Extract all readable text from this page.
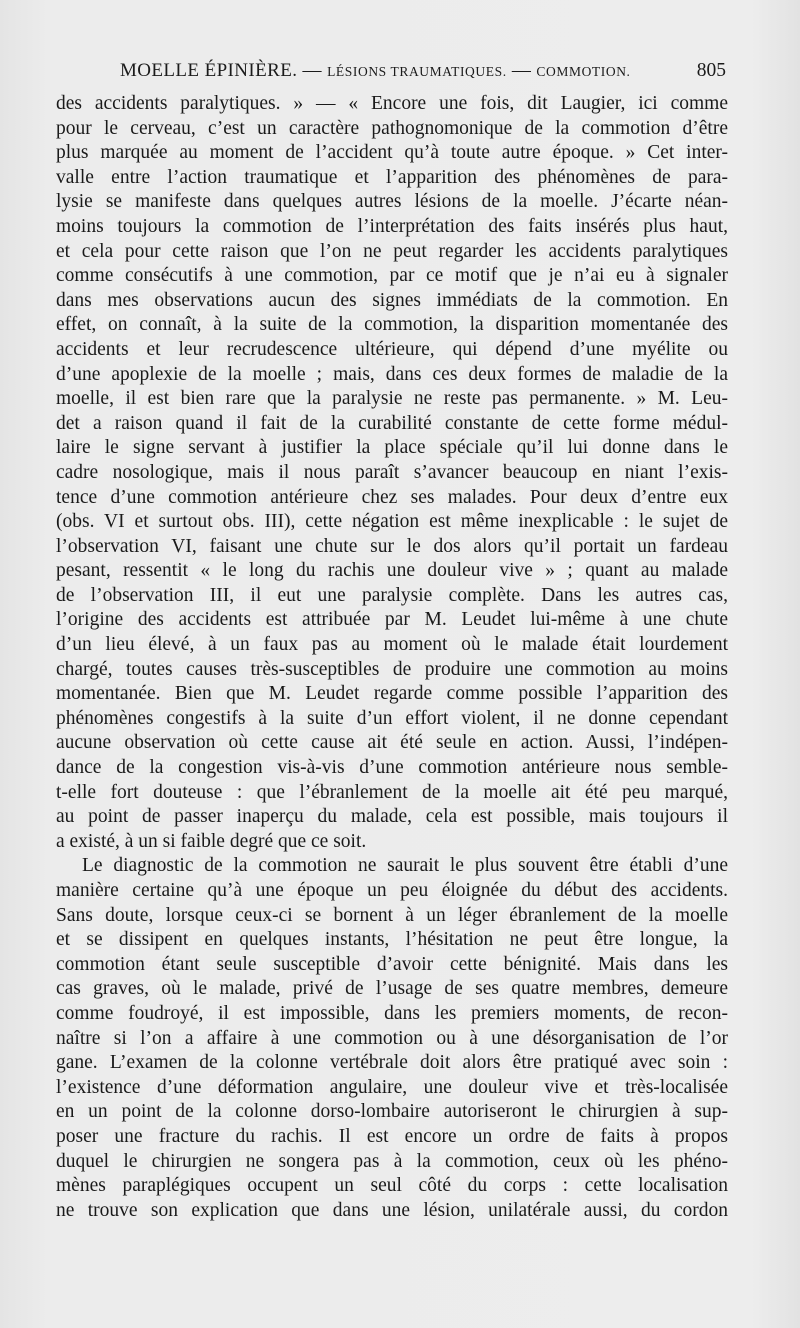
MOELLE ÉPINIÈRE. — LÉSIONS TRAUMATIQUES. — COMMOTION.	805
des accidents paralytiques. » — « Encore une fois, dit Laugier, ici comme
pour le cerveau, c’est un caractère pathognomonique de la commotion d’être
plus marquée au moment de l’accident qu’à toute autre époque. » Cet inter-
valle entre l’action traumatique et l’apparition des phénomènes de para-
lysie se manifeste dans quelques autres lésions de la moelle. J’écarte néan-
moins toujours la commotion de l’interprétation des faits insérés plus haut,
et cela pour cette raison que l’on ne peut regarder les accidents paralytiques
comme consécutifs à une commotion, par ce motif que je n’ai eu à signaler
dans mes observations aucun des signes immédiats de la commotion. En
effet, on connaît, à la suite de la commotion, la disparition momentanée des
accidents et leur recrudescence ultérieure, qui dépend d’une myélite ou
d’une apoplexie de la moelle ; mais, dans ces deux formes de maladie de la
moelle, il est bien rare que la paralysie ne reste pas permanente. » M. Leu-
det a raison quand il fait de la curabilité constante de cette forme médul-
laire le signe servant à justifier la place spéciale qu’il lui donne dans le
cadre nosologique, mais il nous paraît s’avancer beaucoup en niant l’exis-
tence d’une commotion antérieure chez ses malades. Pour deux d’entre eux
(obs. VI et surtout obs. III), cette négation est même inexplicable : le sujet de
l’observation VI, faisant une chute sur le dos alors qu’il portait un fardeau
pesant, ressentit « le long du rachis une douleur vive » ; quant au malade
de l’observation III, il eut une paralysie complète. Dans les autres cas,
l’origine des accidents est attribuée par M. Leudet lui-même à une chute
d’un lieu élevé, à un faux pas au moment où le malade était lourdement
chargé, toutes causes très-susceptibles de produire une commotion au moins
momentanée. Bien que M. Leudet regarde comme possible l’apparition des
phénomènes congestifs à la suite d’un effort violent, il ne donne cependant
aucune observation où cette cause ait été seule en action. Aussi, l’indépen-
dance de la congestion vis-à-vis d’une commotion antérieure nous semble-
t-elle fort douteuse : que l’ébranlement de la moelle ait été peu marqué,
au point de passer inaperçu du malade, cela est possible, mais toujours il
a existé, à un si faible degré que ce soit.
Le diagnostic de la commotion ne saurait le plus souvent être établi d’une
manière certaine qu’à une époque un peu éloignée du début des accidents.
Sans doute, lorsque ceux-ci se bornent à un léger ébranlement de la moelle
et se dissipent en quelques instants, l’hésitation ne peut être longue, la
commotion étant seule susceptible d’avoir cette bénignité. Mais dans les
cas graves, où le malade, privé de l’usage de ses quatre membres, demeure
comme foudroyé, il est impossible, dans les premiers moments, de recon-
naître si l’on a affaire à une commotion ou à une désorganisation de l’or
gane. L’examen de la colonne vertébrale doit alors être pratiqué avec soin :
l’existence d’une déformation angulaire, une douleur vive et très-localisée
en un point de la colonne dorso-lombaire autoriseront le chirurgien à sup-
poser une fracture du rachis. Il est encore un ordre de faits à propos
duquel le chirurgien ne songera pas à la commotion, ceux où les phéno-
mènes paraplégiques occupent un seul côté du corps : cette localisation
ne trouve son explication que dans une lésion, unilatérale aussi, du cordon
